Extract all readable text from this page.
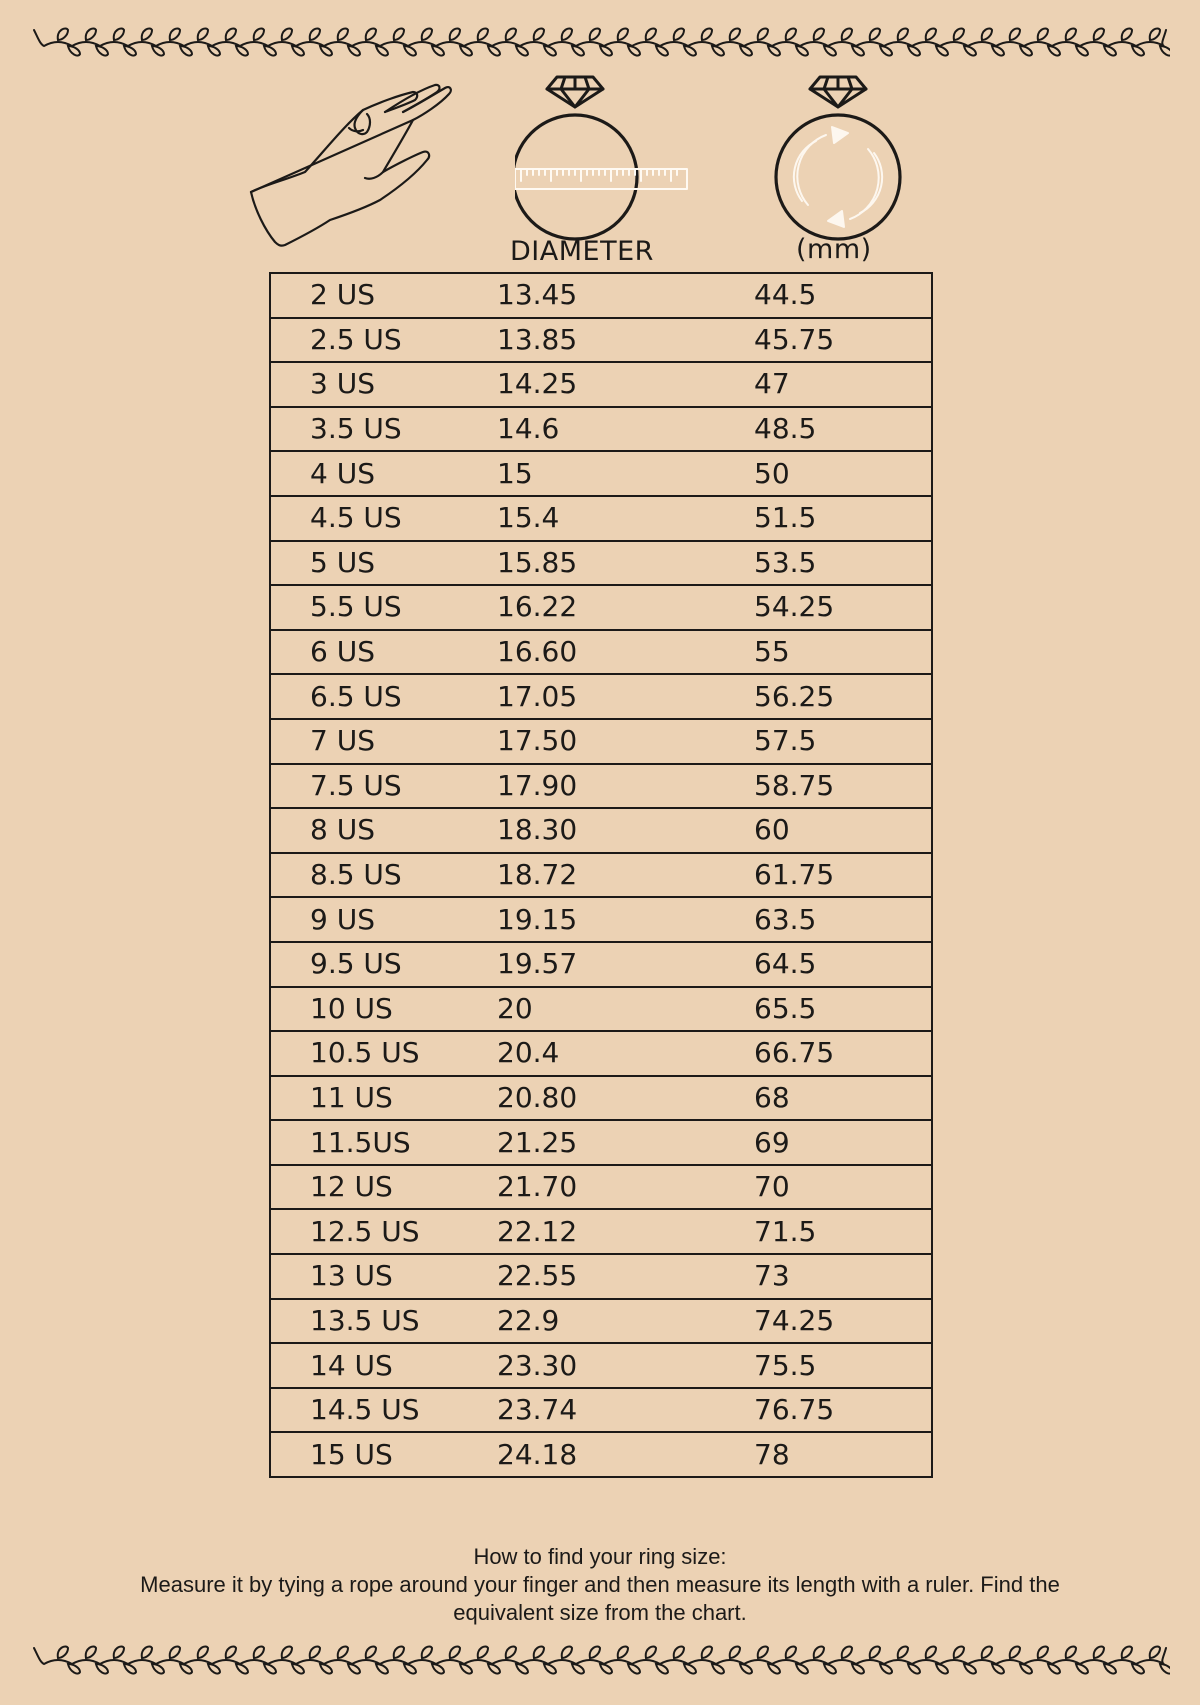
DIAMETER	(mm)
2 US	13.45	44.5
2.5 US	13.85	45.75
3 US	14.25	47
3.5 US	14.6	48.5
4 US	15	50
4.5 US	15.4	51.5
5 US	15.85	53.5
5.5 US	16.22	54.25
6 US	16.60	55
6.5 US	17.05	56.25
7 US	17.50	57.5
7.5 US	17.90	58.75
8 US	18.30	60
8.5 US	18.72	61.75
9 US	19.15	63.5
9.5 US	19.57	64.5
10 US	20	65.5
10.5 US	20.4	66.75
11 US	20.80	68
11.5US	21.25	69
12 US	21.70	70
12.5 US	22.12	71.5
13 US	22.55	73
13.5 US	22.9	74.25
14 US	23.30	75.5
14.5 US	23.74	76.75
15 US	24.18	78
How to find your ring size:
Measure it by tying a rope around your finger and then measure its length with a ruler. Find the
equivalent size from the chart.
